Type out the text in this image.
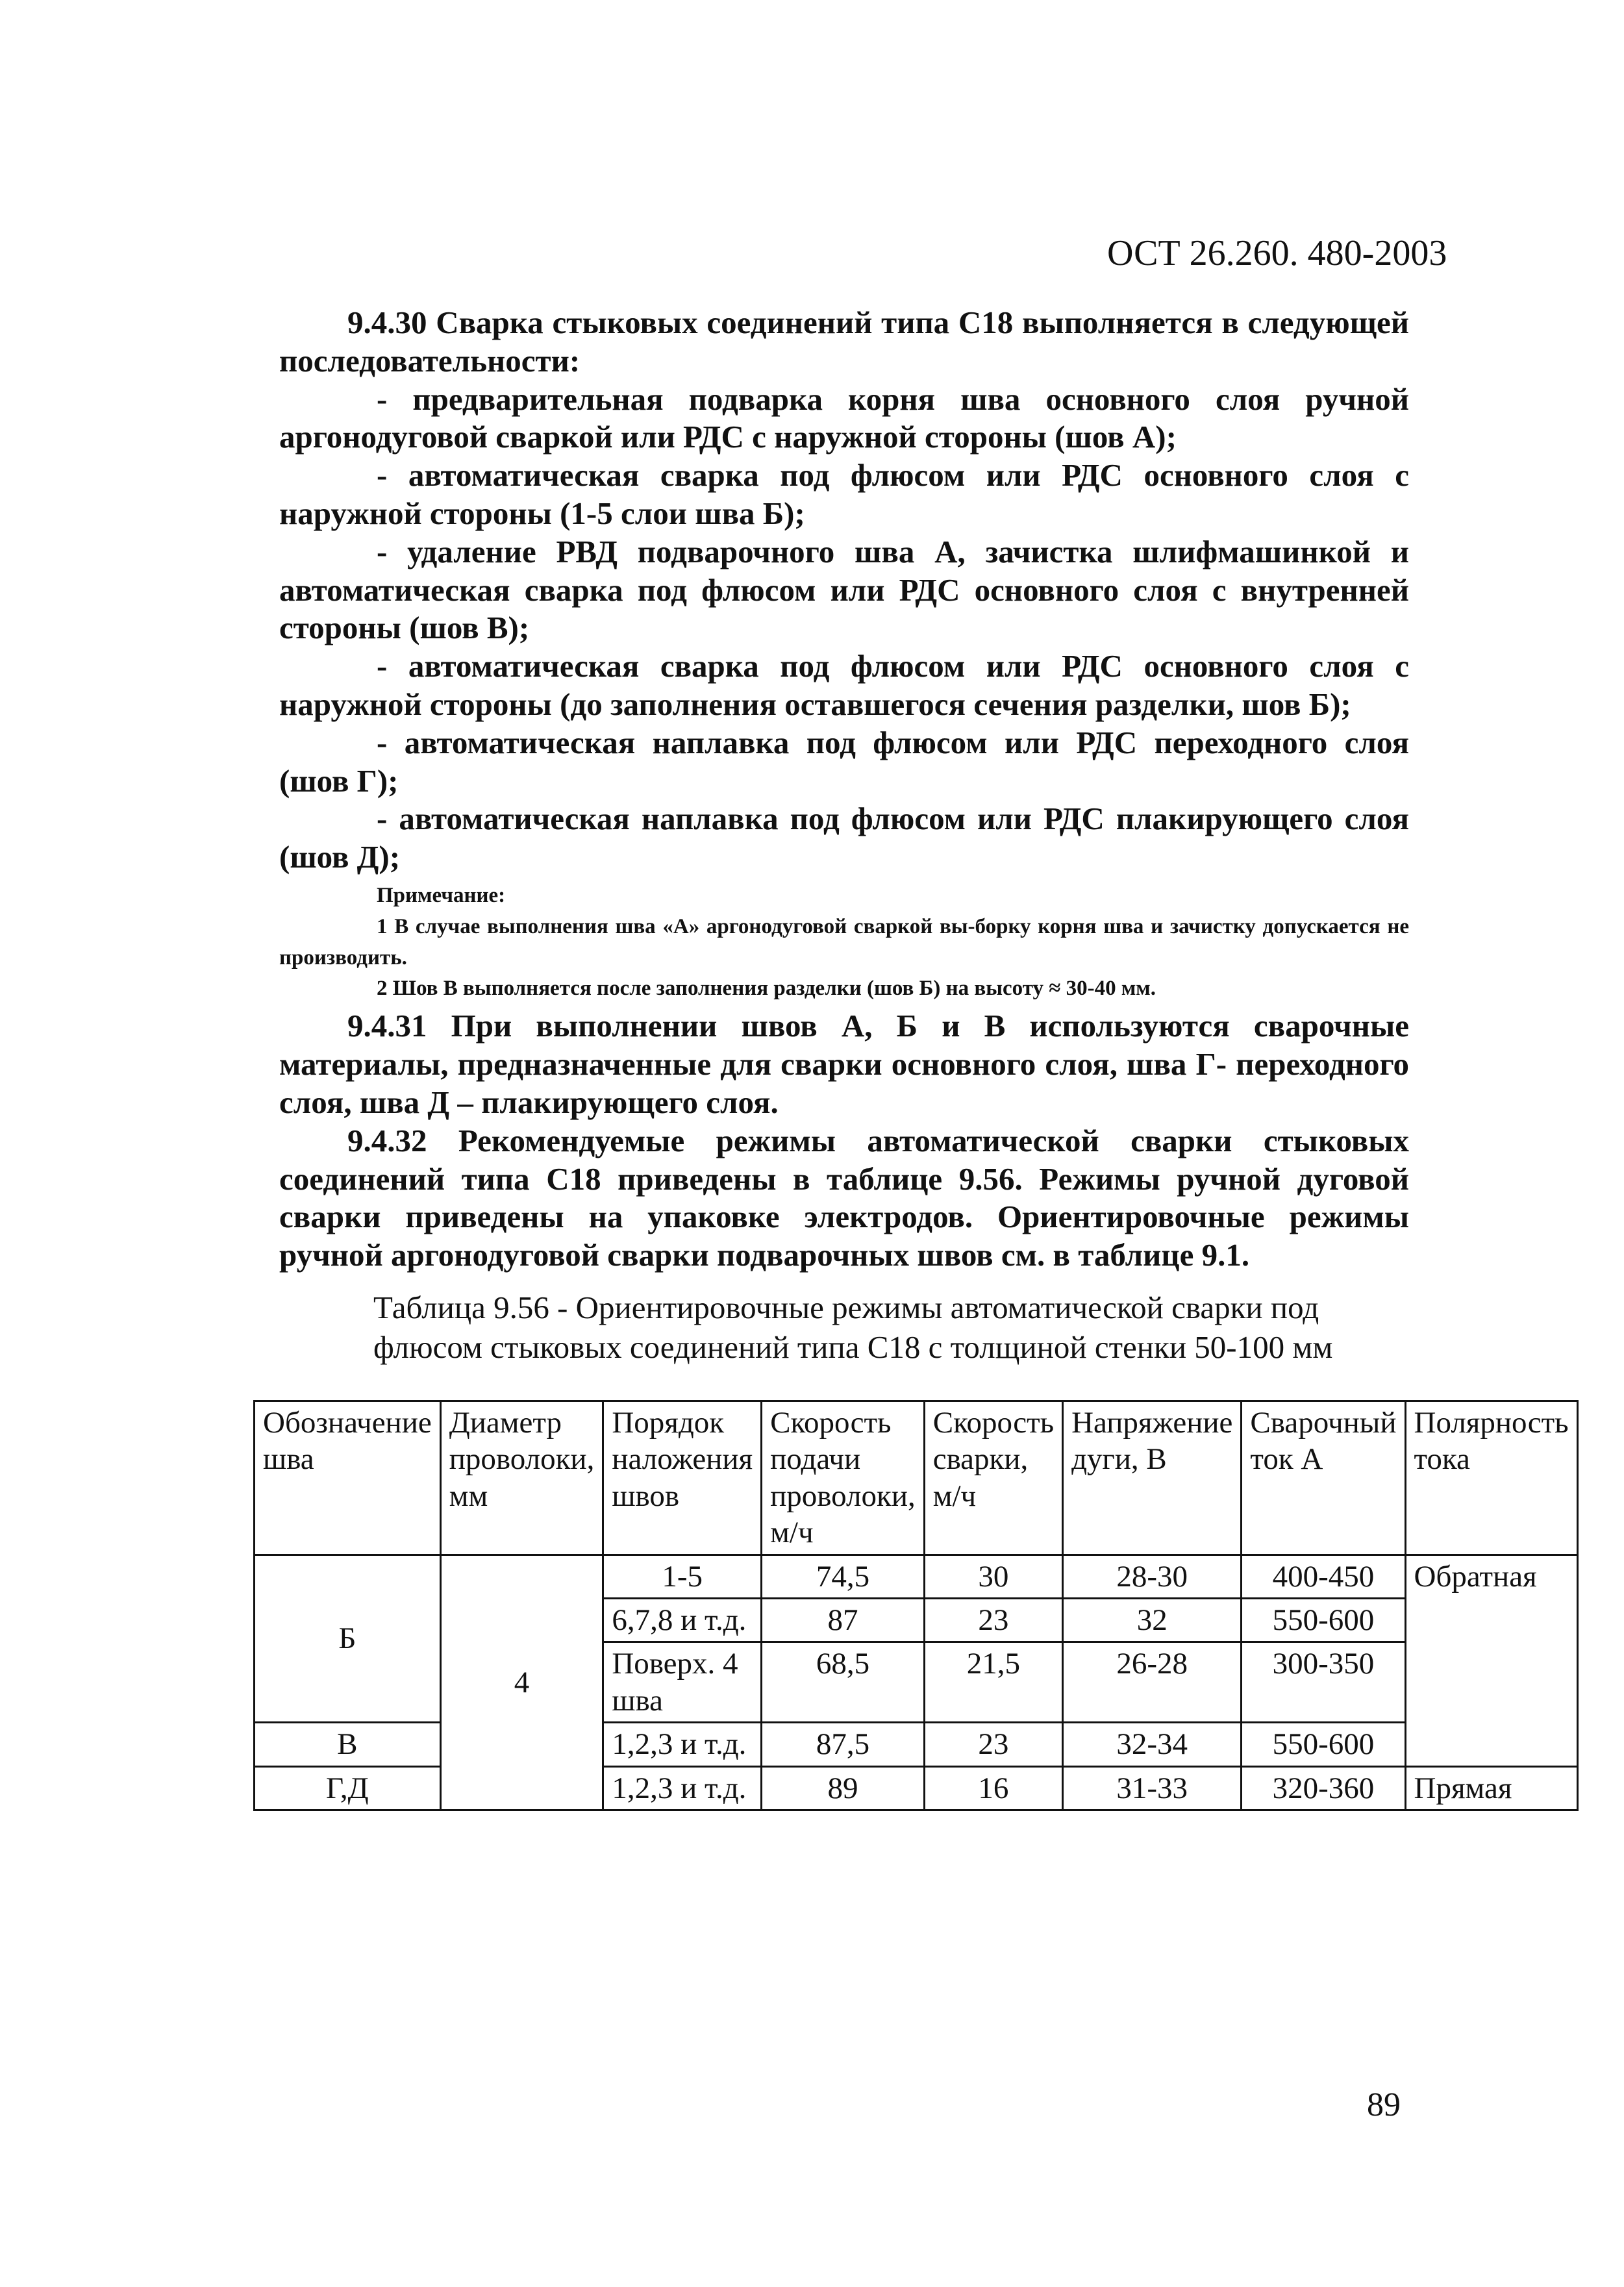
ОСТ 26.260. 480-2003

9.4.30 Сварка стыковых соединений типа С18 выполняется в следующей последовательности:

- предварительная подварка корня шва основного слоя ручной аргонодуговой сваркой или РДС с наружной стороны (шов А);

- автоматическая сварка под флюсом или РДС основного слоя с наружной стороны (1-5 слои шва Б);

- удаление РВД подварочного шва А, зачистка шлифмашинкой и автоматическая сварка под флюсом или РДС основного слоя с внутренней стороны (шов В);

- автоматическая сварка под флюсом или РДС основного слоя с наружной стороны (до заполнения оставшегося сечения разделки, шов Б);

- автоматическая наплавка под флюсом или РДС переходного слоя (шов Г);

- автоматическая наплавка под флюсом или РДС плакирующего слоя (шов Д);

Примечание:
1 В случае выполнения шва «А» аргонодуговой сваркой вы-борку корня шва и зачистку допускается не производить.
2 Шов В выполняется после заполнения разделки (шов Б) на высоту ≈ 30-40 мм.

9.4.31 При выполнении швов А, Б и В используются сварочные материалы, предназначенные для сварки основного слоя, шва Г- переходного слоя, шва Д – плакирующего слоя.

9.4.32 Рекомендуемые режимы автоматической сварки стыковых соединений типа С18 приведены в таблице 9.56. Режимы ручной дуговой сварки приведены на упаковке электродов. Ориентировочные режимы ручной аргонодуговой сварки подварочных швов см. в таблице 9.1.

Таблица 9.56 - Ориентировочные режимы автоматической сварки под
флюсом стыковых соединений типа С18 с толщиной стенки 50-100 мм
Обозначение шва	Диаметр проволоки, мм	Порядок наложения швов	Скорость подачи проволоки, м/ч	Скорость сварки, м/ч	Напряжение дуги, В	Сварочный ток А	Полярность тока
Б	4	1-5	74,5	30	28-30	400-450	Обратная
		6,7,8 и т.д.	87	23	32	550-600	
		Поверх. 4 шва	68,5	21,5	26-28	300-350	
В		1,2,3 и т.д.	87,5	23	32-34	550-600	
Г,Д		1,2,3 и т.д.	89	16	31-33	320-360	Прямая
89
